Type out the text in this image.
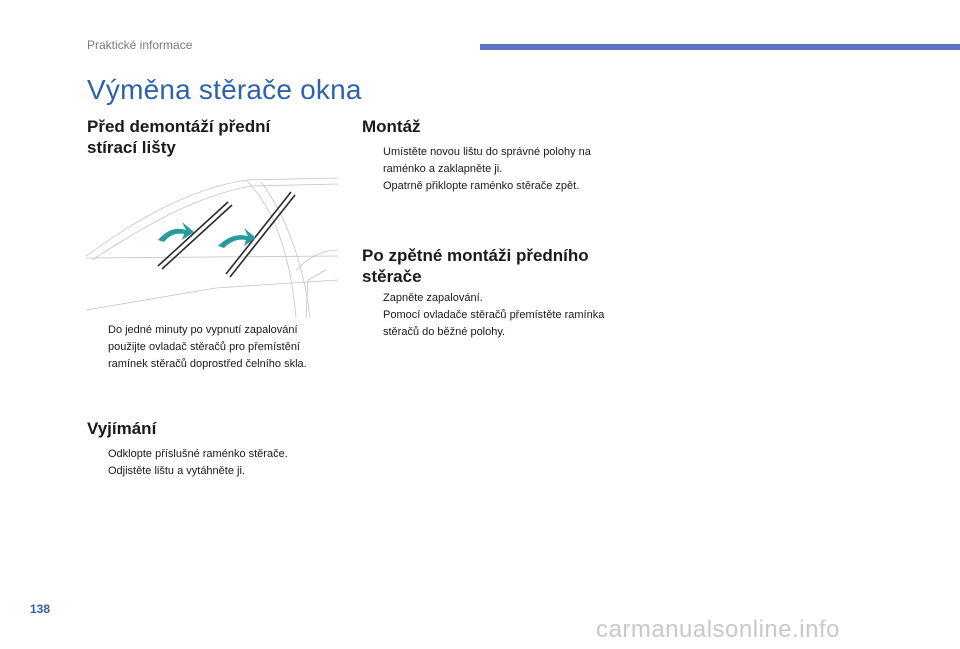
Praktické informace
Výměna stěrače okna
Před demontáží přední stírací lišty
Do jedné minuty po vypnutí zapalování použijte ovladač stěračů pro přemístění ramínek stěračů doprostřed čelního skla.
Vyjímání
Odklopte příslušné raménko stěrače.
Odjistěte lištu a vytáhněte ji.
Montáž
Umístěte novou lištu do správné polohy na raménko a zaklapněte ji.
Opatrně přiklopte raménko stěrače zpět.
Po zpětné montáži předního stěrače
Zapněte zapalování.
Pomocí ovladače stěračů přemístěte ramínka stěračů do běžné polohy.
138
carmanualsonline.info
